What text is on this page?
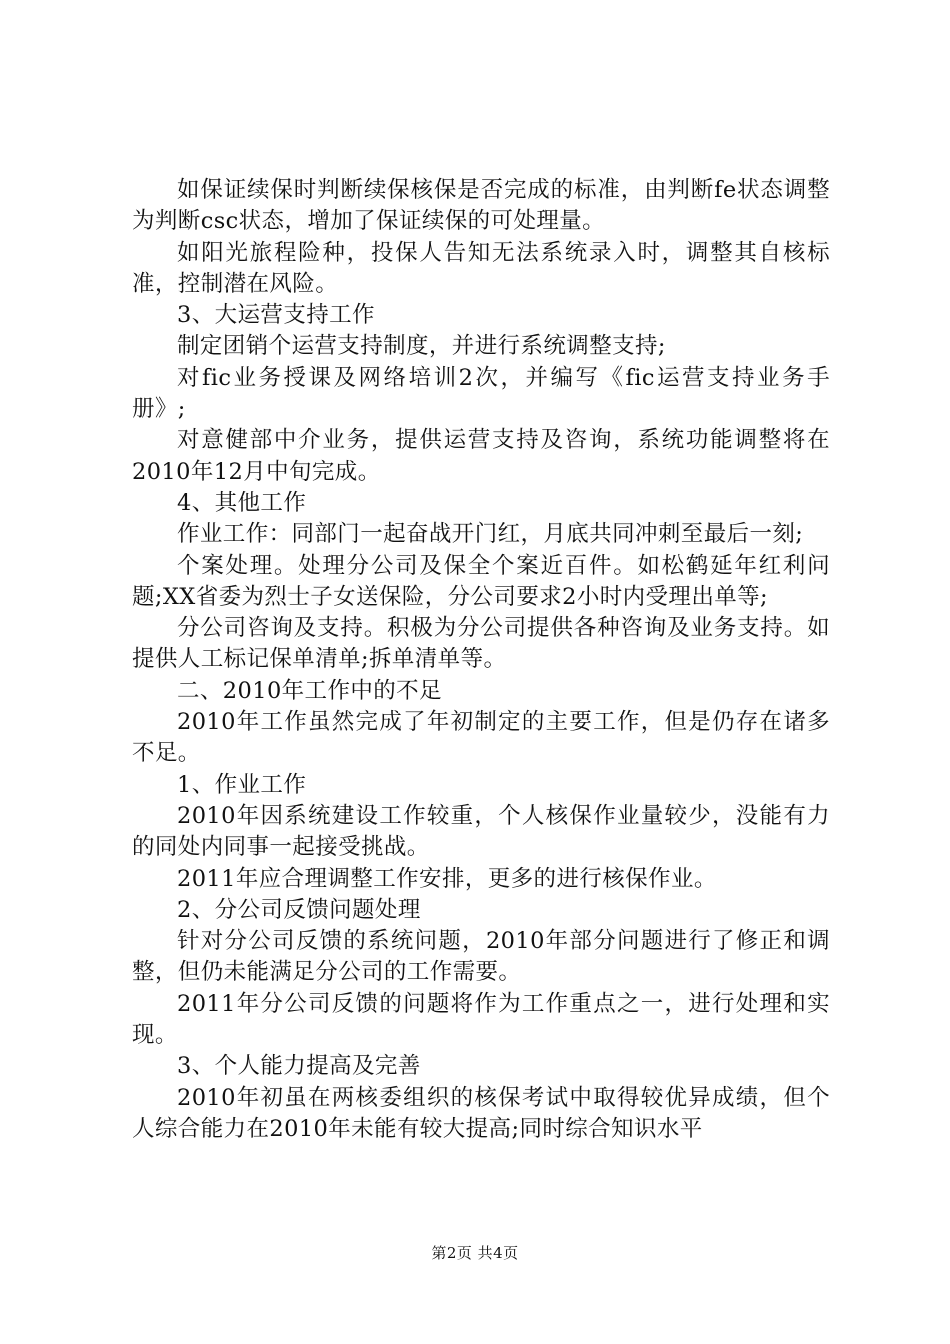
如保证续保时判断续保核保是否完成的标准，由判断fe状态调整为判断csc状态，增加了保证续保的可处理量。

如阳光旅程险种，投保人告知无法系统录入时，调整其自核标准，控制潜在风险。

3、大运营支持工作

制定团销个运营支持制度，并进行系统调整支持;

对fic业务授课及网络培训2次，并编写《fic运营支持业务手册》;

对意健部中介业务，提供运营支持及咨询，系统功能调整将在2010年12月中旬完成。

4、其他工作

作业工作：同部门一起奋战开门红，月底共同冲刺至最后一刻;

个案处理。处理分公司及保全个案近百件。如松鹤延年红利问题;XX省委为烈士子女送保险，分公司要求2小时内受理出单等;

分公司咨询及支持。积极为分公司提供各种咨询及业务支持。如提供人工标记保单清单;拆单清单等。

二、2010年工作中的不足

2010年工作虽然完成了年初制定的主要工作，但是仍存在诸多不足。

1、作业工作

2010年因系统建设工作较重，个人核保作业量较少，没能有力的同处内同事一起接受挑战。

2011年应合理调整工作安排，更多的进行核保作业。

2、分公司反馈问题处理

针对分公司反馈的系统问题，2010年部分问题进行了修正和调整，但仍未能满足分公司的工作需要。

2011年分公司反馈的问题将作为工作重点之一，进行处理和实现。

3、个人能力提高及完善

2010年初虽在两核委组织的核保考试中取得较优异成绩，但个人综合能力在2010年未能有较大提高;同时综合知识水平

第2页 共4页
